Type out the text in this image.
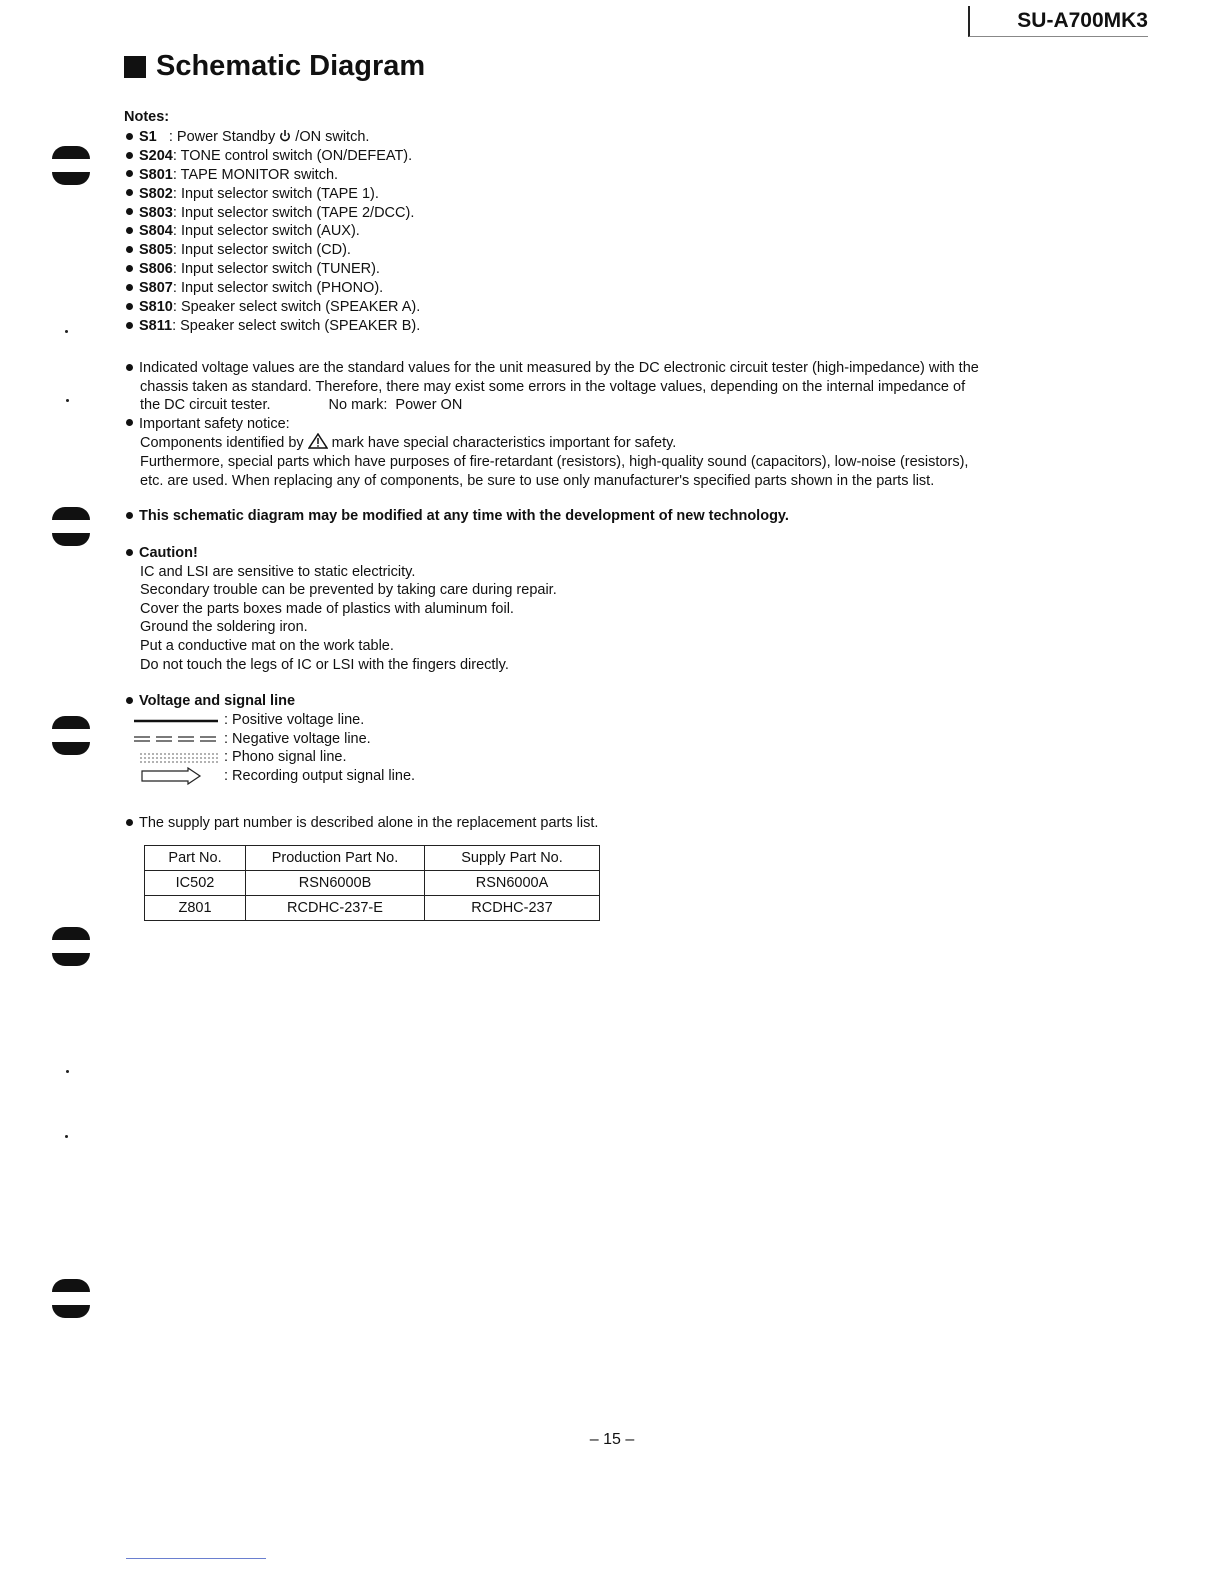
SU-A700MK3
Schematic Diagram
Notes:
S1   : Power Standby  /ON switch.
S204: TONE control switch (ON/DEFEAT).
S801: TAPE MONITOR switch.
S802: Input selector switch (TAPE 1).
S803: Input selector switch (TAPE 2/DCC).
S804: Input selector switch (AUX).
S805: Input selector switch (CD).
S806: Input selector switch (TUNER).
S807: Input selector switch (PHONO).
S810: Speaker select switch (SPEAKER A).
S811: Speaker select switch (SPEAKER B).
Indicated voltage values are the standard values for the unit measured by the DC electronic circuit tester (high-impedance) with the
chassis taken as standard. Therefore, there may exist some errors in the voltage values, depending on the internal impedance of
the DC circuit tester.	No mark:  Power ON
Important safety notice:
Components identified by  mark have special characteristics important for safety.
Furthermore, special parts which have purposes of fire-retardant (resistors), high-quality sound (capacitors), low-noise (resistors),
etc. are used. When replacing any of components, be sure to use only manufacturer's specified parts shown in the parts list.
This schematic diagram may be modified at any time with the development of new technology.
Caution!
IC and LSI are sensitive to static electricity.
Secondary trouble can be prevented by taking care during repair.
Cover the parts boxes made of plastics with aluminum foil.
Ground the soldering iron.
Put a conductive mat on the work table.
Do not touch the legs of IC or LSI with the fingers directly.
Voltage and signal line
: Positive voltage line.
: Negative voltage line.
: Phono signal line.
: Recording output signal line.
The supply part number is described alone in the replacement parts list.
Part No.	Production Part No.	Supply Part No.
IC502	RSN6000B	RSN6000A
Z801	RCDHC-237-E	RCDHC-237
– 15 –
